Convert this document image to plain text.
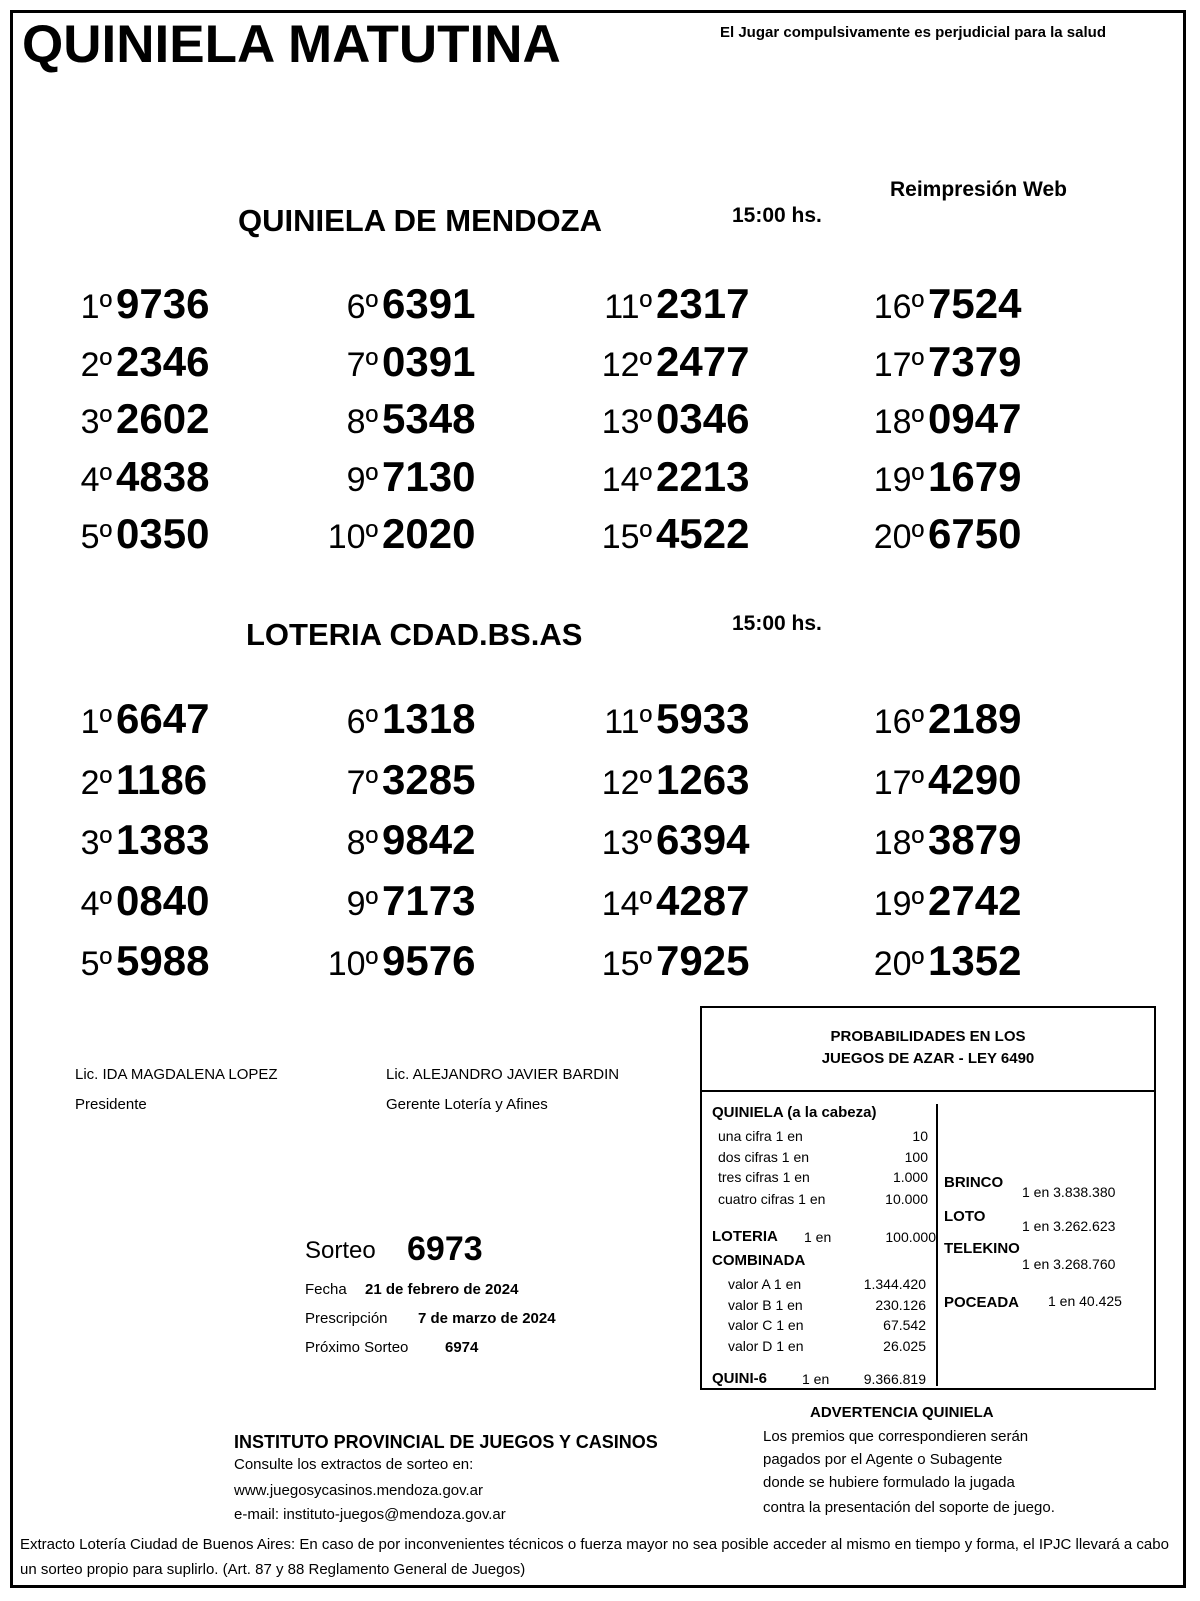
QUINIELA MATUTINA	El Jugar compulsivamente es perjudicial para la salud
Reimpresión Web
QUINIELA DE MENDOZA	15:00 hs.
1º9736
2º2346
3º2602
4º4838
5º0350
6º6391
7º0391
8º5348
9º7130
10º2020
11º2317
12º2477
13º0346
14º2213
15º4522
16º7524
17º7379
18º0947
19º1679
20º6750
LOTERIA CDAD.BS.AS	15:00 hs.
1º6647
2º1186
3º1383
4º0840
5º5988
6º1318
7º3285
8º9842
9º7173
10º9576
11º5933
12º1263
13º6394
14º4287
15º7925
16º2189
17º4290
18º3879
19º2742
20º1352
Lic. IDA MAGDALENA LOPEZ
Presidente
Lic. ALEJANDRO JAVIER BARDIN
Gerente Lotería y Afines
Sorteo 6973
Fecha 21 de febrero de 2024
Prescripción 7 de marzo de 2024
Próximo Sorteo 6974
PROBABILIDADES EN LOS
JUEGOS DE AZAR - LEY 6490
QUINIELA (a la cabeza)
una cifra 1 en	10
dos cifras 1 en	100
tres cifras 1 en	1.000
cuatro cifras 1 en	10.000
LOTERIA 1 en	100.000
COMBINADA
valor A 1 en	1.344.420
valor B 1 en	230.126
valor C 1 en	67.542
valor D 1 en	26.025
QUINI-6 1 en 9.366.819
BRINCO
1 en 3.838.380
LOTO
1 en 3.262.623
TELEKINO
1 en 3.268.760
POCEADA 1 en 40.425
ADVERTENCIA QUINIELA
Los premios que correspondieren serán
pagados por el Agente o Subagente
donde se hubiere formulado la jugada
contra la presentación del soporte de juego.
INSTITUTO PROVINCIAL DE JUEGOS Y CASINOS
Consulte los extractos de sorteo en:
www.juegosycasinos.mendoza.gov.ar
e-mail: instituto-juegos@mendoza.gov.ar
Extracto Lotería Ciudad de Buenos Aires: En caso de por inconvenientes técnicos o fuerza mayor no sea posible acceder al mismo en tiempo y forma, el IPJC llevará a cabo un sorteo propio para suplirlo. (Art. 87 y 88 Reglamento General de Juegos)
